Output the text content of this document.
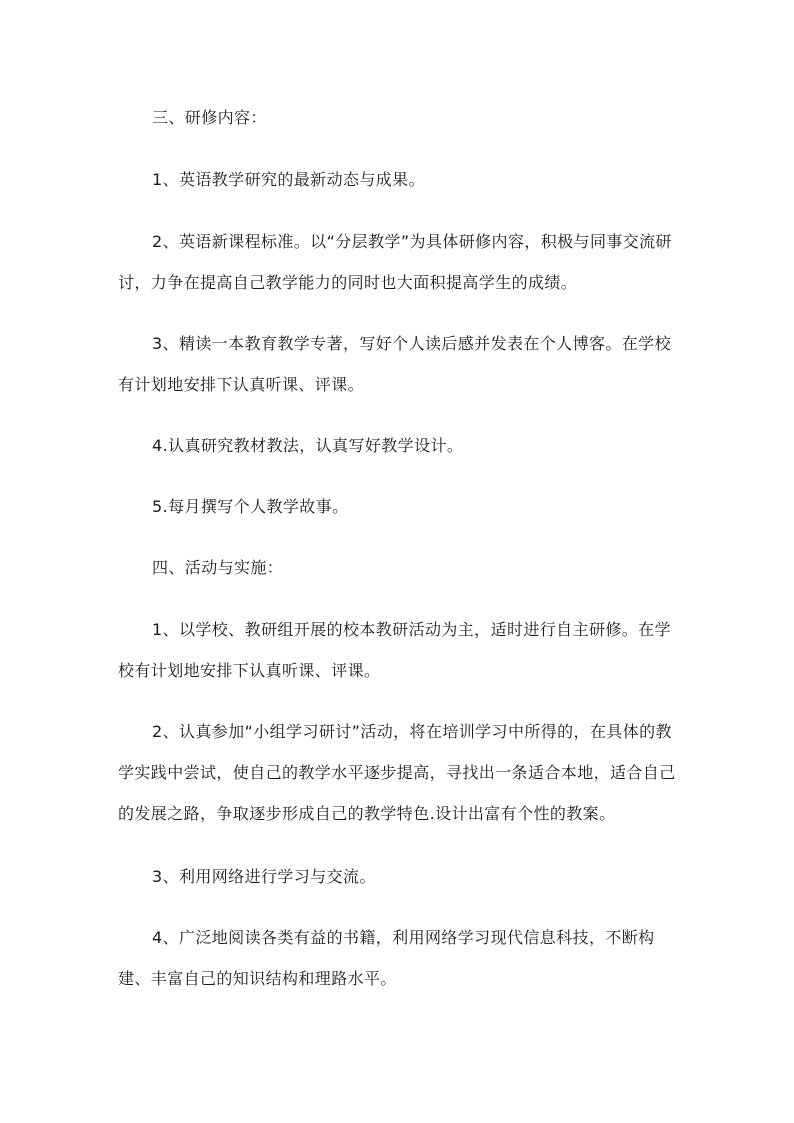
三、研修内容：

1、英语教学研究的最新动态与成果。

2、英语新课程标准。以“分层教学”为具体研修内容，积极与同事交流研讨，力争在提高自己教学能力的同时也大面积提高学生的成绩。

3、精读一本教育教学专著，写好个人读后感并发表在个人博客。在学校有计划地安排下认真听课、评课。

4.认真研究教材教法，认真写好教学设计。

5.每月撰写个人教学故事。

四、活动与实施：

1、以学校、教研组开展的校本教研活动为主，适时进行自主研修。在学校有计划地安排下认真听课、评课。

2、认真参加“小组学习研讨”活动，将在培训学习中所得的，在具体的教学实践中尝试，使自己的教学水平逐步提高，寻找出一条适合本地，适合自己的发展之路，争取逐步形成自己的教学特色.设计出富有个性的教案。

3、利用网络进行学习与交流。

4、广泛地阅读各类有益的书籍，利用网络学习现代信息科技，不断构建、丰富自己的知识结构和理路水平。
